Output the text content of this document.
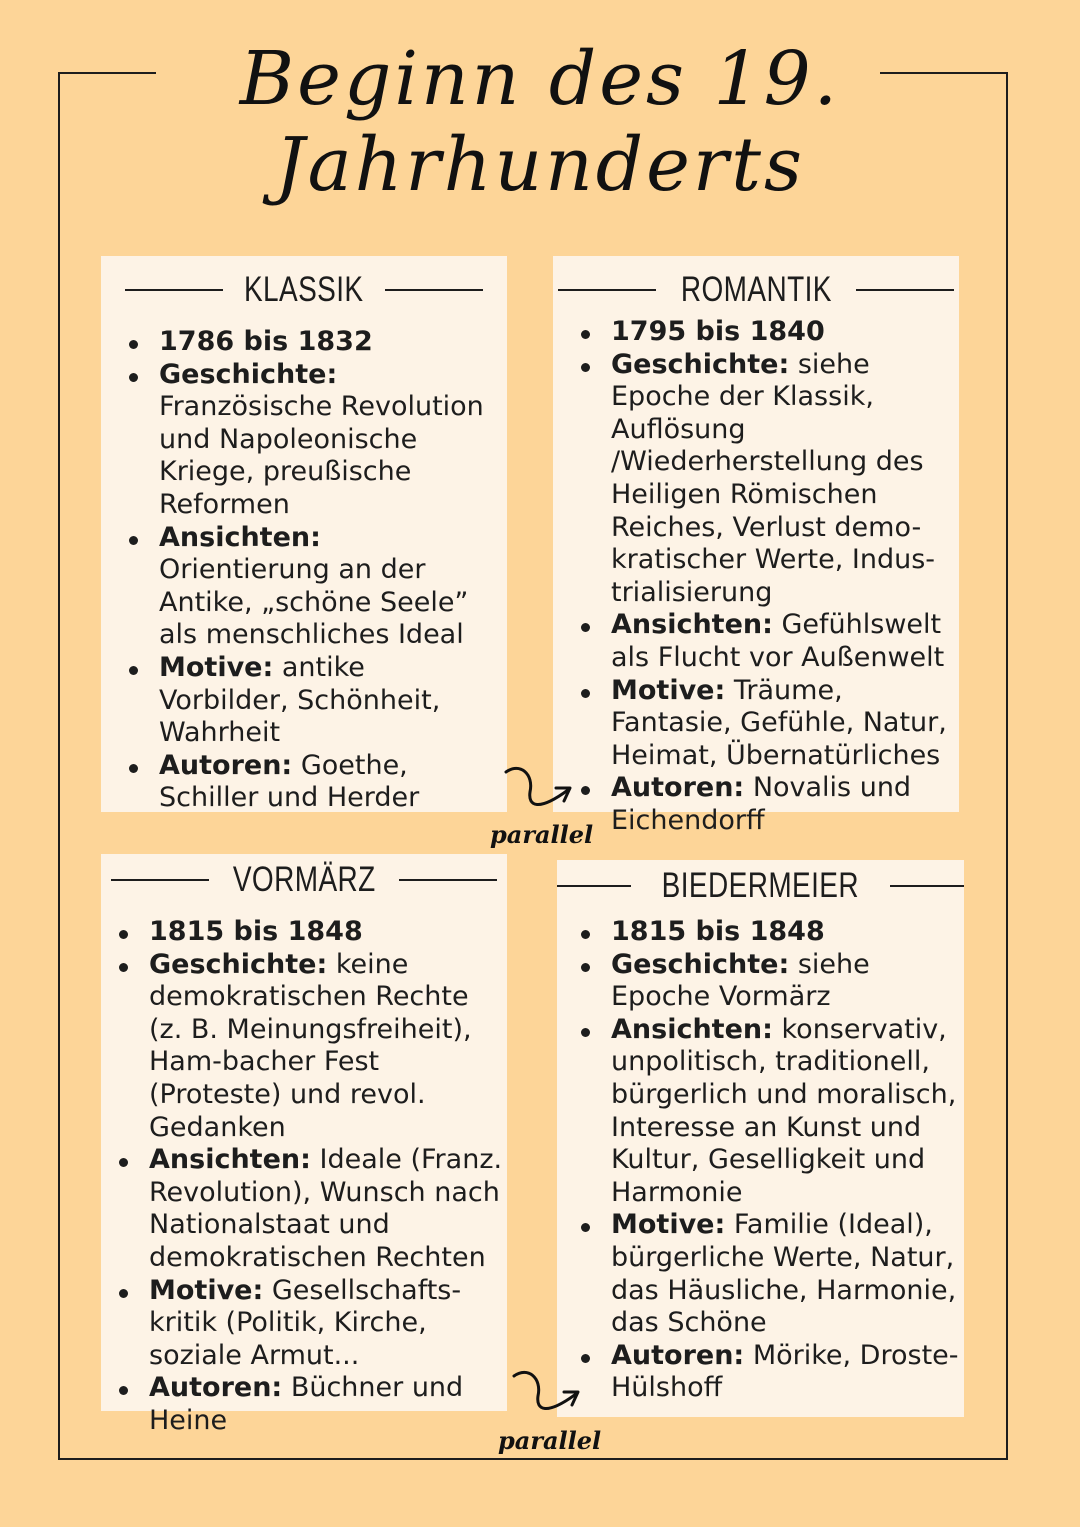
Beginn des 19.
Jahrhunderts
KLASSIK
1786 bis 1832
Geschichte: Französische Revolution und Napoleonische Kriege, preußische Reformen
Ansichten: Orientierung an der Antike, „schöne Seele” als menschliches Ideal
Motive: antike Vorbilder, Schönheit, Wahrheit
Autoren: Goethe, Schiller und Herder
ROMANTIK
1795 bis 1840
Geschichte: siehe Epoche der Klassik, Auflösung /Wiederherstellung des Heiligen Römischen Reiches, Verlust demo-kratischer Werte, Indus-trialisierung
Ansichten: Gefühlswelt als Flucht vor Außenwelt
Motive: Träume, Fantasie, Gefühle, Natur, Heimat, Übernatürliches
Autoren: Novalis und Eichendorff
parallel
VORMÄRZ
1815 bis 1848
Geschichte: keine demokratischen Rechte (z. B. Meinungsfreiheit), Ham-bacher Fest (Proteste) und revol. Gedanken
Ansichten: Ideale (Franz. Revolution), Wunsch nach Nationalstaat und demokratischen Rechten
Motive: Gesellschafts-kritik (Politik, Kirche, soziale Armut...
Autoren: Büchner und Heine
BIEDERMEIER
1815 bis 1848
Geschichte: siehe Epoche Vormärz
Ansichten: konservativ, unpolitisch, traditionell, bürgerlich und moralisch, Interesse an Kunst und Kultur, Geselligkeit und Harmonie
Motive: Familie (Ideal), bürgerliche Werte, Natur, das Häusliche, Harmonie, das Schöne
Autoren: Mörike, Droste-Hülshoff
parallel
